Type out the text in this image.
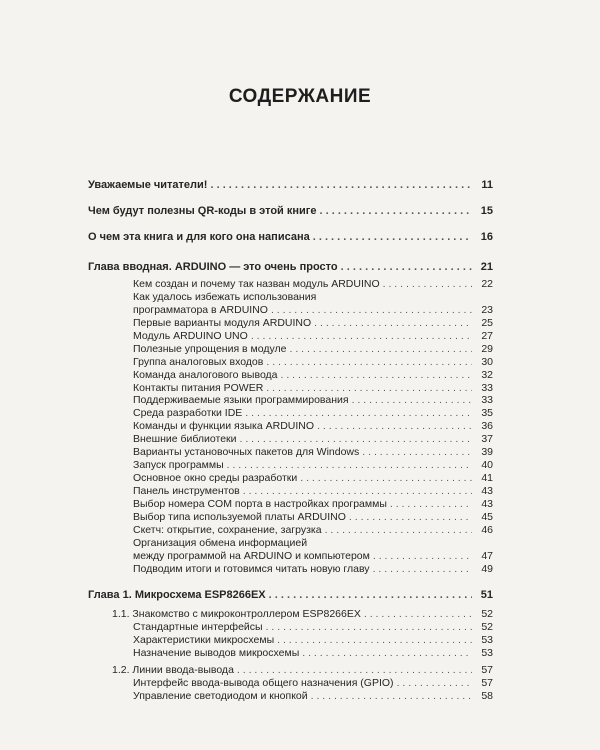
СОДЕРЖАНИЕ
Уважаемые читатели! . . .	11
Чем будут полезны QR-коды в этой книге . . .	15
О чем эта книга и для кого она написана . . .	16
Глава вводная. ARDUINO — это очень просто . . .	21
Кем создан и почему так назван модуль ARDUINO . . .	22
Как удалось избежать использования
программатора в ARDUINO . . .	23
Первые варианты модуля ARDUINO . . .	25
Модуль ARDUINO UNO . . .	27
Полезные упрощения в модуле . . .	29
Группа аналоговых входов . . .	30
Команда аналогового вывода . . .	32
Контакты питания POWER . . .	33
Поддерживаемые языки программирования . . .	33
Среда разработки IDE . . .	35
Команды и функции языка ARDUINO . . .	36
Внешние библиотеки . . .	37
Варианты установочных пакетов для Windows . . .	39
Запуск программы . . .	40
Основное окно среды разработки . . .	41
Панель инструментов . . .	43
Выбор номера COM порта в настройках программы . . .	43
Выбор типа используемой платы ARDUINO . . .	45
Скетч: открытие, сохранение, загрузка . . .	46
Организация обмена информацией
между программой на ARDUINO и компьютером . . .	47
Подводим итоги и готовимся читать новую главу . . .	49
Глава 1. Микросхема ESP8266EX . . .	51
1.1. Знакомство с микроконтроллером ESP8266EX . . .	52
Стандартные интерфейсы . . .	52
Характеристики микросхемы . . .	53
Назначение выводов микросхемы . . .	53
1.2. Линии ввода-вывода . . .	57
Интерфейс ввода-вывода общего назначения (GPIO) . . .	57
Управление светодиодом и кнопкой . . .	58
